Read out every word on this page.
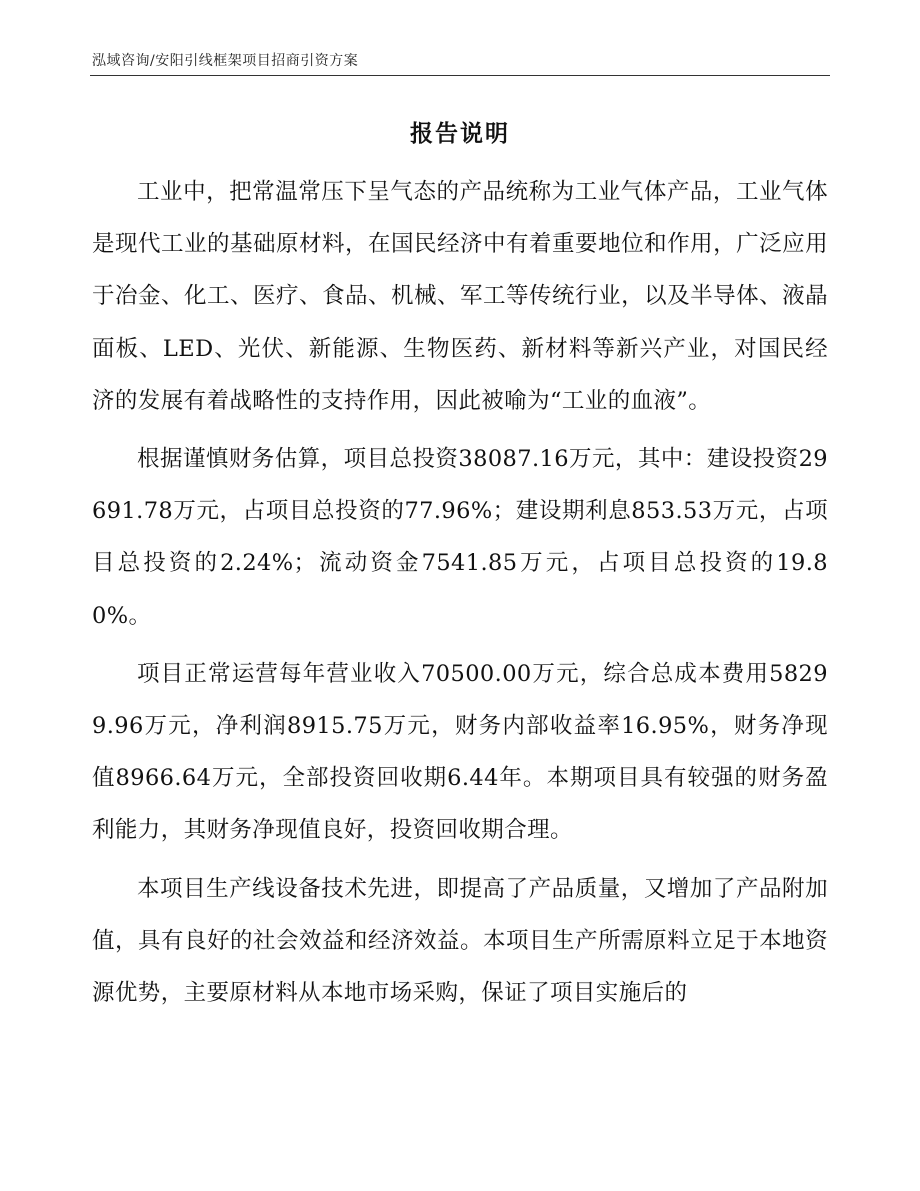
泓域咨询/安阳引线框架项目招商引资方案
报告说明

工业中，把常温常压下呈气态的产品统称为工业气体产品，工业气体是现代工业的基础原材料，在国民经济中有着重要地位和作用，广泛应用于冶金、化工、医疗、食品、机械、军工等传统行业，以及半导体、液晶面板、LED、光伏、新能源、生物医药、新材料等新兴产业，对国民经济的发展有着战略性的支持作用，因此被喻为“工业的血液”。

根据谨慎财务估算，项目总投资38087.16万元，其中：建设投资29691.78万元，占项目总投资的77.96%；建设期利息853.53万元，占项目总投资的2.24%；流动资金7541.85万元，占项目总投资的19.80%。

项目正常运营每年营业收入70500.00万元，综合总成本费用58299.96万元，净利润8915.75万元，财务内部收益率16.95%，财务净现值8966.64万元，全部投资回收期6.44年。本期项目具有较强的财务盈利能力，其财务净现值良好，投资回收期合理。

本项目生产线设备技术先进，即提高了产品质量，又增加了产品附加值，具有良好的社会效益和经济效益。本项目生产所需原料立足于本地资源优势，主要原材料从本地市场采购，保证了项目实施后的
